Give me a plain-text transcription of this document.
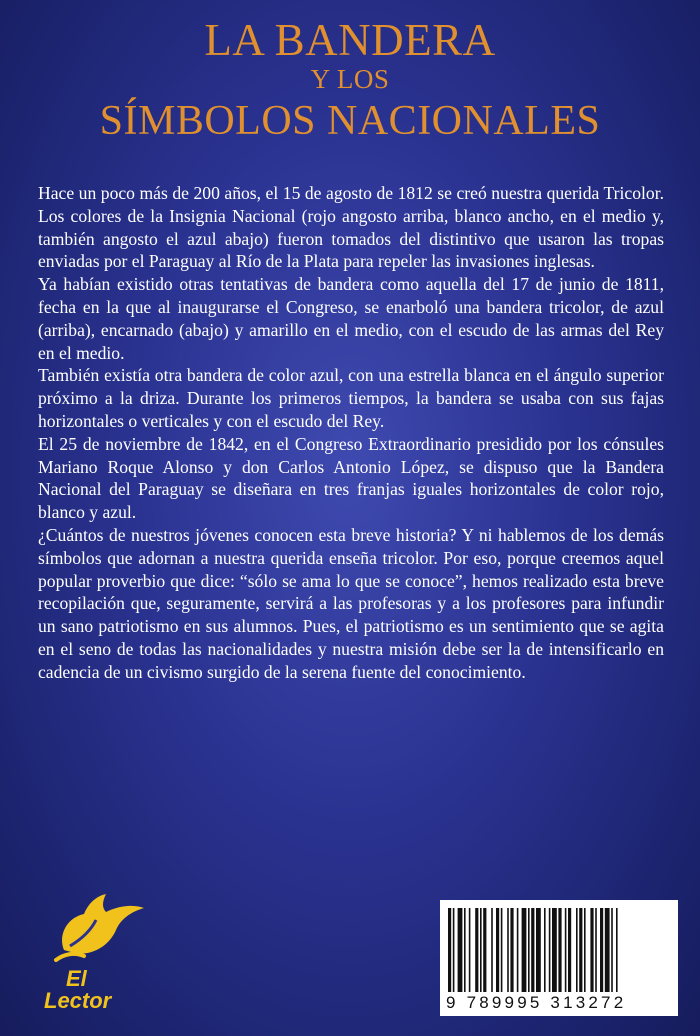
LA BANDERA
Y LOS
SÍMBOLOS NACIONALES

Hace un poco más de 200 años, el 15 de agosto de 1812 se creó nuestra querida Tricolor. Los colores de la Insignia Nacional (rojo angosto arriba, blanco ancho, en el medio y, también angosto el azul abajo) fueron tomados del distintivo que usaron las tropas enviadas por el Paraguay al Río de la Plata para repeler las invasiones inglesas.

Ya habían existido otras tentativas de bandera como aquella del 17 de junio de 1811, fecha en la que al inaugurarse el Congreso, se enarboló una bandera tricolor, de azul (arriba), encarnado (abajo) y amarillo en el medio, con el escudo de las armas del Rey en el medio.

También existía otra bandera de color azul, con una estrella blanca en el ángulo superior próximo a la driza. Durante los primeros tiempos, la bandera se usaba con sus fajas horizontales o verticales y con el escudo del Rey.

El 25 de noviembre de 1842, en el Congreso Extraordinario presidido por los cónsules Mariano Roque Alonso y don Carlos Antonio López, se dispuso que la Bandera Nacional del Paraguay se diseñara en tres franjas iguales horizontales de color rojo, blanco y azul.

¿Cuántos de nuestros jóvenes conocen esta breve historia? Y ni hablemos de los demás símbolos que adornan a nuestra querida enseña tricolor. Por eso, porque creemos aquel popular proverbio que dice: “sólo se ama lo que se conoce”, hemos realizado esta breve recopilación que, seguramente, servirá a las profesoras y a los profesores para infundir un sano patriotismo en sus alumnos. Pues, el patriotismo es un sentimiento que se agita en el seno de todas las nacionalidades y nuestra misión debe ser la de intensificarlo en cadencia de un civismo surgido de la serena fuente del conocimiento.

El
Lector	9 789995 313272
